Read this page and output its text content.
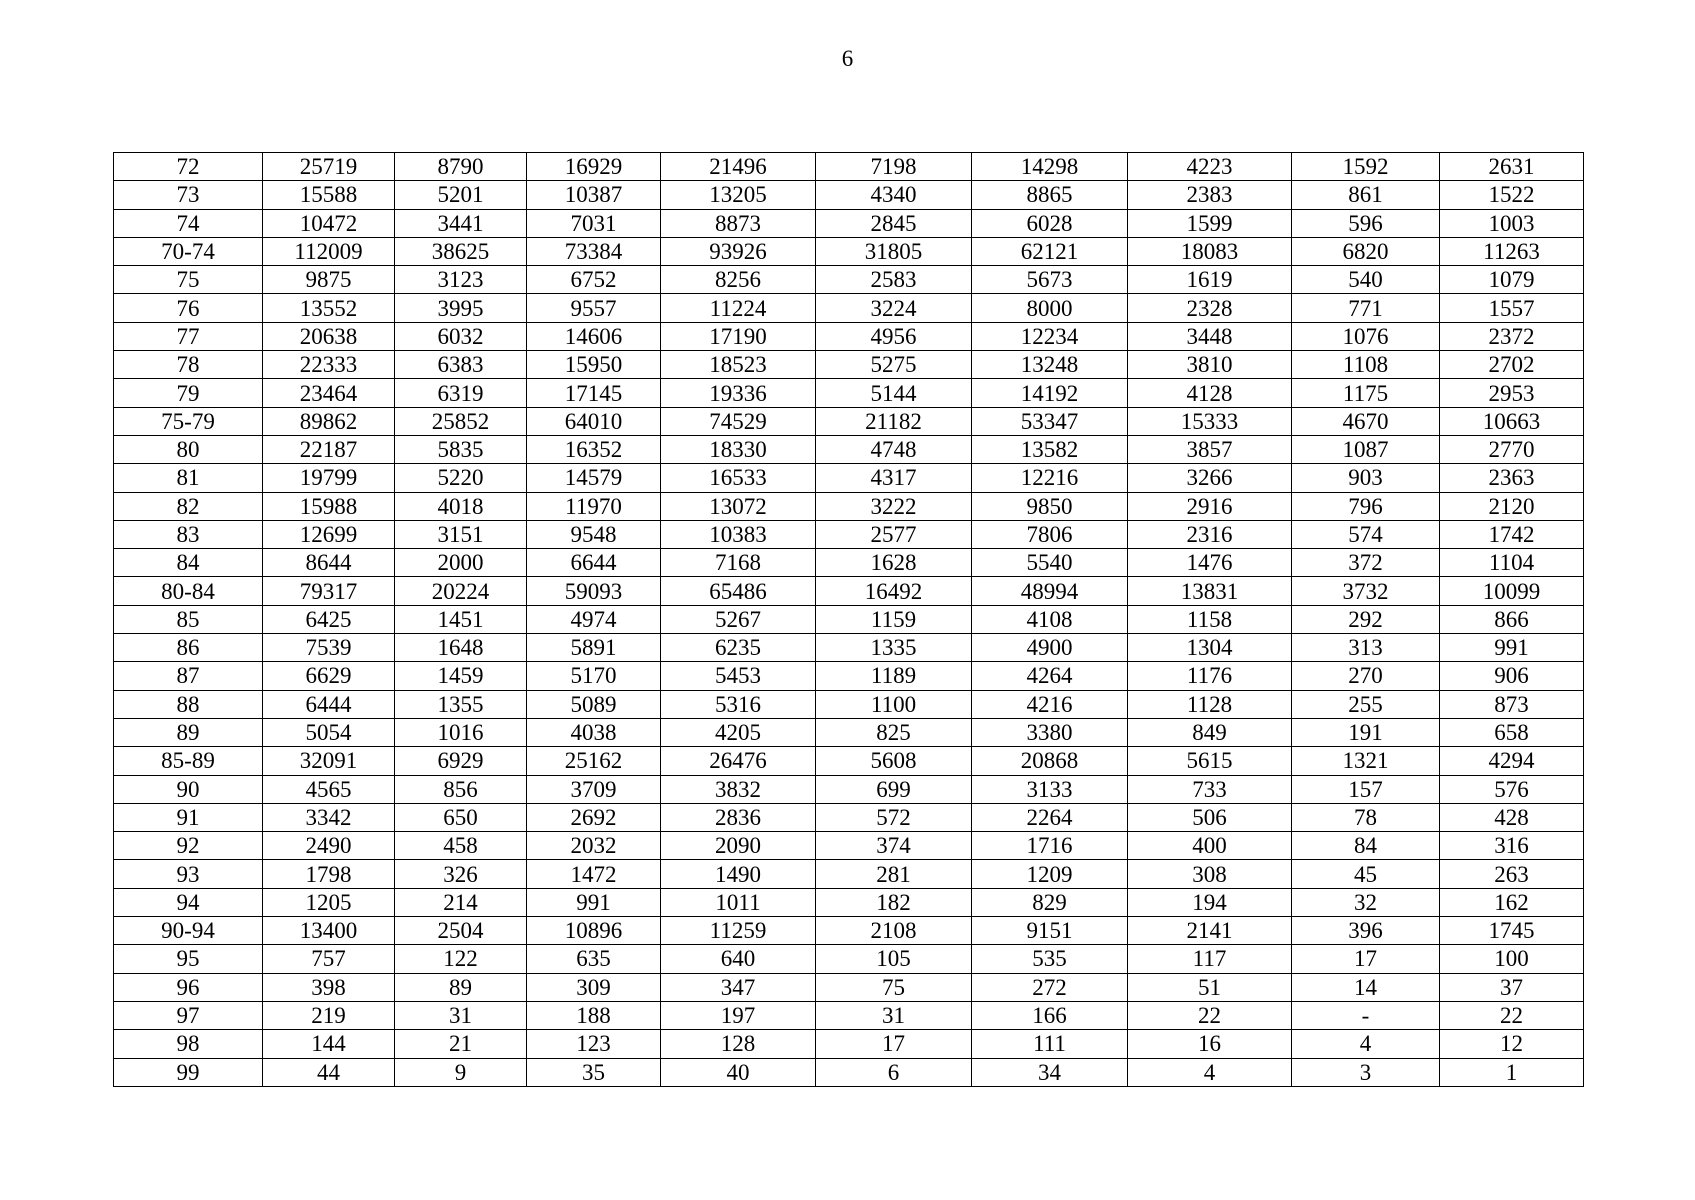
6
72	25719	8790	16929	21496	7198	14298	4223	1592	2631
73	15588	5201	10387	13205	4340	8865	2383	861	1522
74	10472	3441	7031	8873	2845	6028	1599	596	1003
70-74	112009	38625	73384	93926	31805	62121	18083	6820	11263
75	9875	3123	6752	8256	2583	5673	1619	540	1079
76	13552	3995	9557	11224	3224	8000	2328	771	1557
77	20638	6032	14606	17190	4956	12234	3448	1076	2372
78	22333	6383	15950	18523	5275	13248	3810	1108	2702
79	23464	6319	17145	19336	5144	14192	4128	1175	2953
75-79	89862	25852	64010	74529	21182	53347	15333	4670	10663
80	22187	5835	16352	18330	4748	13582	3857	1087	2770
81	19799	5220	14579	16533	4317	12216	3266	903	2363
82	15988	4018	11970	13072	3222	9850	2916	796	2120
83	12699	3151	9548	10383	2577	7806	2316	574	1742
84	8644	2000	6644	7168	1628	5540	1476	372	1104
80-84	79317	20224	59093	65486	16492	48994	13831	3732	10099
85	6425	1451	4974	5267	1159	4108	1158	292	866
86	7539	1648	5891	6235	1335	4900	1304	313	991
87	6629	1459	5170	5453	1189	4264	1176	270	906
88	6444	1355	5089	5316	1100	4216	1128	255	873
89	5054	1016	4038	4205	825	3380	849	191	658
85-89	32091	6929	25162	26476	5608	20868	5615	1321	4294
90	4565	856	3709	3832	699	3133	733	157	576
91	3342	650	2692	2836	572	2264	506	78	428
92	2490	458	2032	2090	374	1716	400	84	316
93	1798	326	1472	1490	281	1209	308	45	263
94	1205	214	991	1011	182	829	194	32	162
90-94	13400	2504	10896	11259	2108	9151	2141	396	1745
95	757	122	635	640	105	535	117	17	100
96	398	89	309	347	75	272	51	14	37
97	219	31	188	197	31	166	22	-	22
98	144	21	123	128	17	111	16	4	12
99	44	9	35	40	6	34	4	3	1
